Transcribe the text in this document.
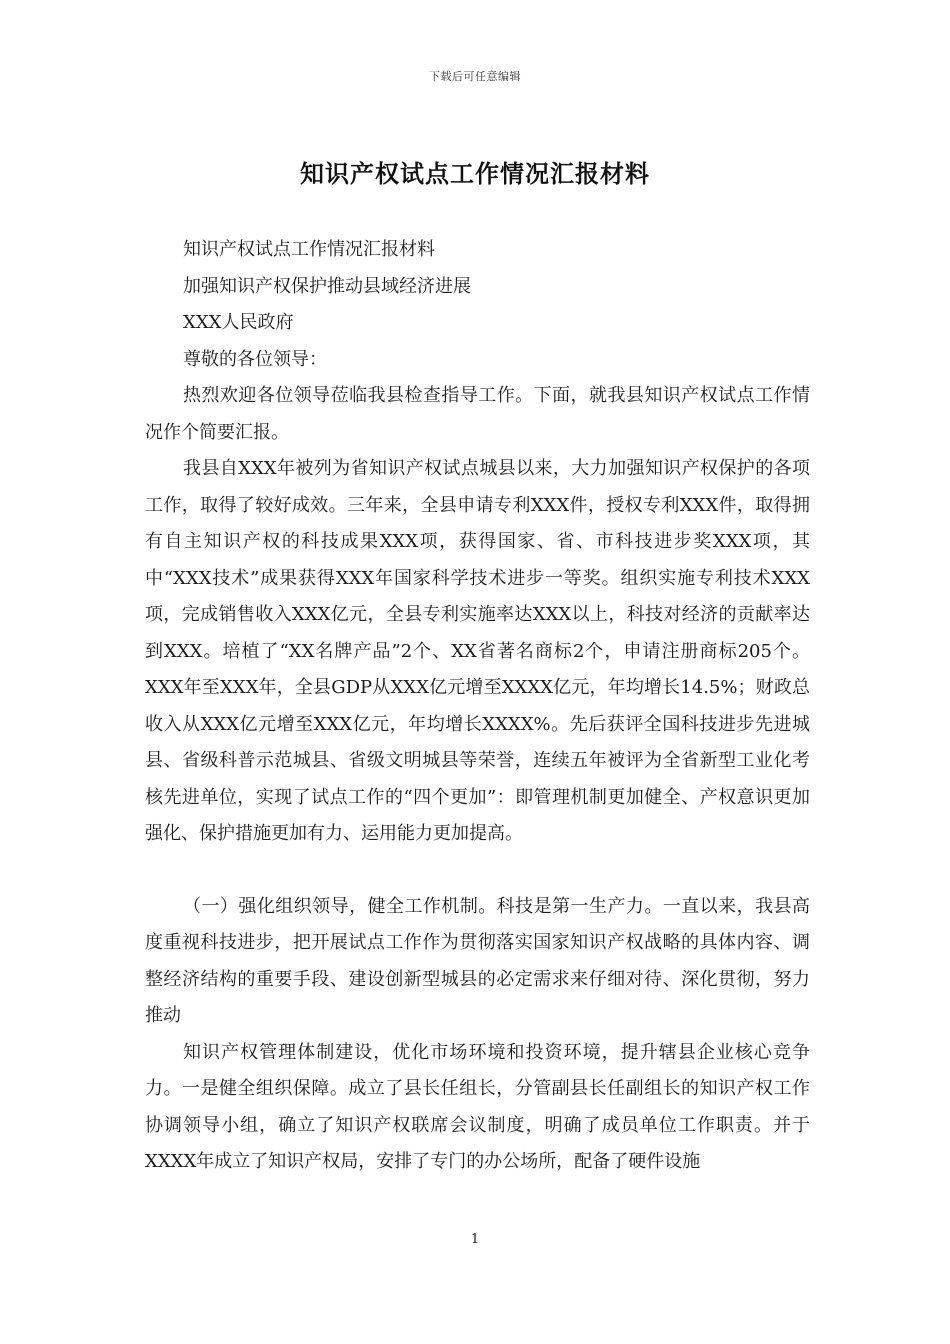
下载后可任意编辑
知识产权试点工作情况汇报材料

知识产权试点工作情况汇报材料

加强知识产权保护推动县域经济进展

XXX人民政府

尊敬的各位领导：

热烈欢迎各位领导莅临我县检查指导工作。下面，就我县知识产权试点工作情况作个简要汇报。

我县自XXX年被列为省知识产权试点城县以来，大力加强知识产权保护的各项工作，取得了较好成效。三年来，全县申请专利XXX件，授权专利XXX件，取得拥有自主知识产权的科技成果XXX项，获得国家、省、市科技进步奖XXX项，其中“XXX技术”成果获得XXX年国家科学技术进步一等奖。组织实施专利技术XXX项，完成销售收入XXX亿元，全县专利实施率达XXX以上，科技对经济的贡献率达到XXX。培植了“XX名牌产品”2个、XX省著名商标2个，申请注册商标205个。XXX年至XXX年，全县GDP从XXX亿元增至XXXX亿元，年均增长14.5%；财政总收入从XXX亿元增至XXX亿元，年均增长XXXX%。先后获评全国科技进步先进城县、省级科普示范城县、省级文明城县等荣誉，连续五年被评为全省新型工业化考核先进单位，实现了试点工作的“四个更加”：即管理机制更加健全、产权意识更加强化、保护措施更加有力、运用能力更加提高。

（一）强化组织领导，健全工作机制。科技是第一生产力。一直以来，我县高度重视科技进步，把开展试点工作作为贯彻落实国家知识产权战略的具体内容、调整经济结构的重要手段、建设创新型城县的必定需求来仔细对待、深化贯彻，努力推动

知识产权管理体制建设，优化市场环境和投资环境，提升辖县企业核心竞争力。一是健全组织保障。成立了县长任组长，分管副县长任副组长的知识产权工作协调领导小组，确立了知识产权联席会议制度，明确了成员单位工作职责。并于XXXX年成立了知识产权局，安排了专门的办公场所，配备了硬件设施

1
